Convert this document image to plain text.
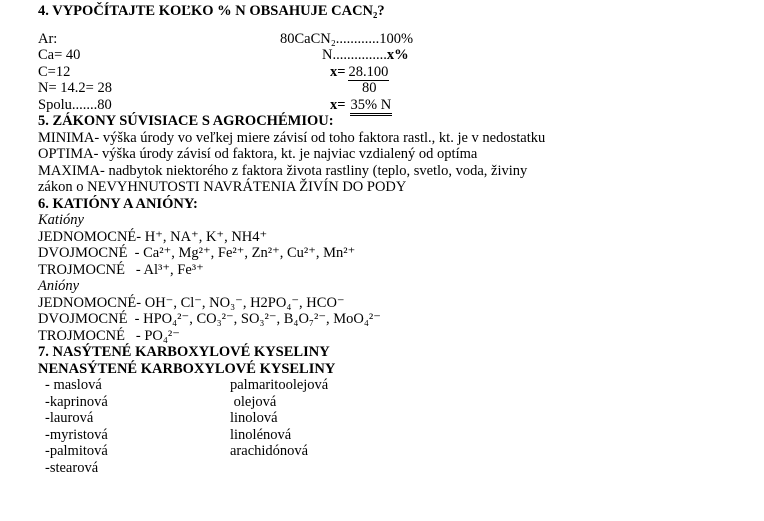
4. VYPOČÍTAJTE KOĽKO % N OBSAHUJE CACN₂?
Ar:
Ca= 40
C=12
N= 14.2= 28
Spolu.......80
80CaCN₂............100%
N...............x%
x= 28.100
80
x= 35% N
5. ZÁKONY SÚVISIACE S AGROCHÉMIOU:
MINIMA- výška úrody vo veľkej miere závisí od toho faktora rastl., kt. je v nedostatku
OPTIMA- výška úrody závisí od faktora, kt. je najviac vzdialený od optíma
MAXIMA- nadbytok niektorého z faktora života rastliny (teplo, svetlo, voda, živiny
zákon o NEVYHNUTOSTI NAVRÁTENIA ŽIVÍN DO PODY
6. KATIÓNY A ANIÓNY:
Katióny
JEDNOMOCNÉ- H⁺, NA⁺, K⁺, NH4⁺
DVOJMOCNÉ  - Ca²⁺, Mg²⁺, Fe²⁺, Zn²⁺, Cu²⁺, Mn²⁺
TROJMOCNÉ   - Al³⁺, Fe³⁺
Anióny
JEDNOMOCNÉ- OH⁻, Cl⁻, NO₃⁻, H2PO₄⁻, HCO⁻
DVOJMOCNÉ  - HPO₄²⁻, CO₃²⁻, SO₃²⁻, B₄O₇²⁻, MoO₄²⁻
TROJMOCNÉ   - PO₄²⁻
7. NASÝTENÉ KARBOXYLOVÉ KYSELINY
NENASÝTENÉ KARBOXYLOVÉ KYSELINY
- maslová	palmaritoolejová
-kaprinová	olejová
-laurová	linolová
-myristová	linolénová
-palmitová	arachidónová
-stearová
